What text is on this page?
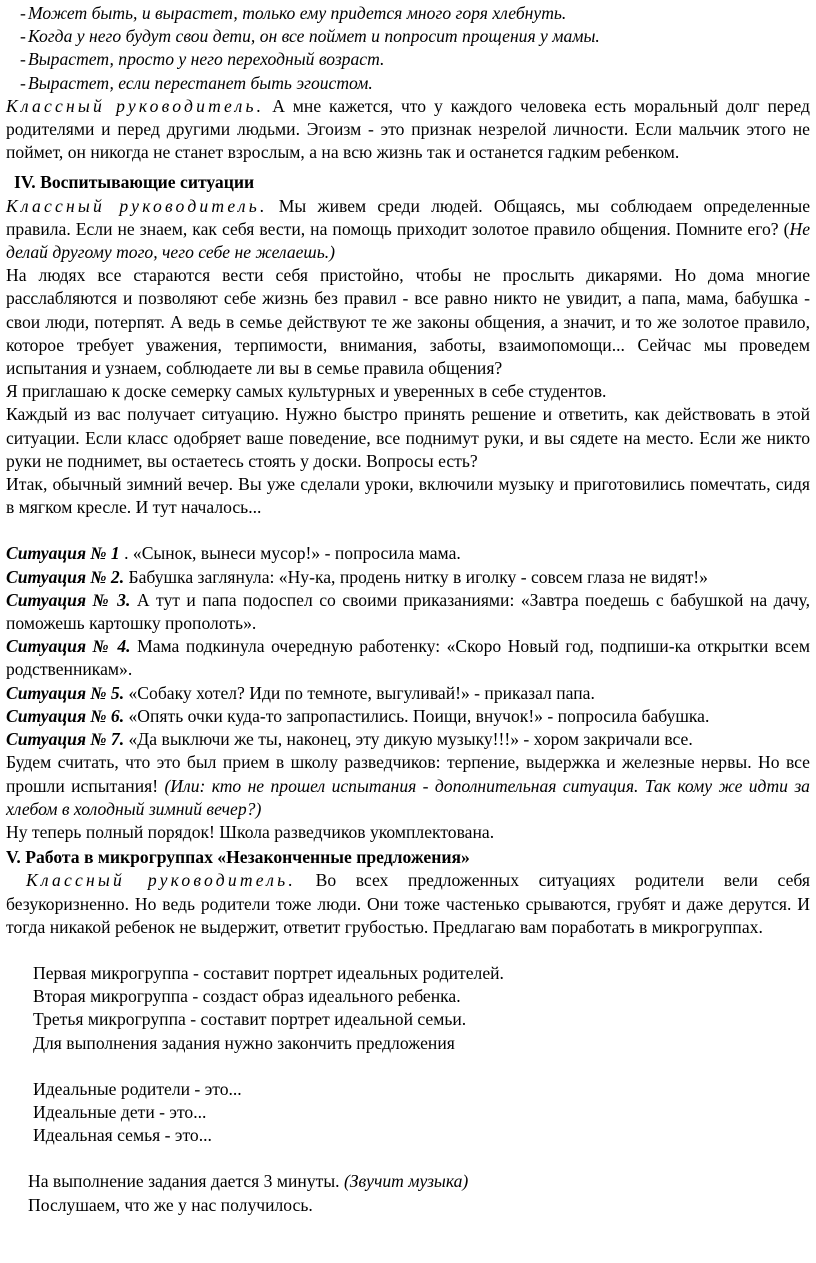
- Может быть, и вырастет, только ему придется много горя хлебнуть.

- Когда у него будут свои дети, он все поймет и попросит прощения у мамы.

- Вырастет, просто у него переходный возраст.

- Вырастет, если перестанет быть эгоистом.

Классный руководитель. А мне кажется, что у каждого человека есть моральный долг перед родителями и перед другими людьми. Эгоизм - это признак незрелой личности. Если мальчик этого не поймет, он никогда не станет взрослым, а на всю жизнь так и останется гадким ребенком.

IV. Воспитывающие ситуации

Классный руководитель. Мы живем среди людей. Общаясь, мы соблюдаем определенные правила. Если не знаем, как себя вести, на помощь приходит золотое правило общения. Помните его? (Не делай другому того, чего себе не желаешь.)

На людях все стараются вести себя пристойно, чтобы не прослыть дикарями. Но дома многие расслабляются и позволяют себе жизнь без правил - все равно никто не увидит, а папа, мама, бабушка - свои люди, потерпят. А ведь в семье действуют те же законы общения, а значит, и то же золотое правило, которое требует уважения, терпимости, внимания, заботы, взаимопомощи... Сейчас мы проведем испытания и узнаем, соблюдаете ли вы в семье правила общения?

Я приглашаю к доске семерку самых культурных и уверенных в себе студентов.

Каждый из вас получает ситуацию. Нужно быстро принять решение и ответить, как действовать в этой ситуации. Если класс одобряет ваше поведение, все поднимут руки, и вы сядете на место. Если же никто руки не поднимет, вы остаетесь стоять у доски. Вопросы есть?

Итак, обычный зимний вечер. Вы уже сделали уроки, включили музыку и приготовились помечтать, сидя в мягком кресле. И тут началось...

Ситуация № 1 . «Сынок, вынеси мусор!» - попросила мама.

Ситуация № 2. Бабушка заглянула: «Ну-ка, продень нитку в иголку - совсем глаза не видят!»

Ситуация № 3. А тут и папа подоспел со своими приказаниями: «Завтра поедешь с бабушкой на дачу, поможешь картошку прополоть».

Ситуация № 4. Мама подкинула очередную работенку: «Скоро Новый год, подпиши-ка открытки всем родственникам».

Ситуация № 5. «Собаку хотел? Иди по темноте, выгуливай!» - приказал папа.

Ситуация № 6. «Опять очки куда-то запропастились. Поищи, внучок!» - попросила бабушка.

Ситуация № 7. «Да выключи же ты, наконец, эту дикую музыку!!!» - хором закричали все.

Будем считать, что это был прием в школу разведчиков: терпение, выдержка и железные нервы. Но все прошли испытания! (Или: кто не прошел испытания - дополнительная ситуация. Так кому же идти за хлебом в холодный зимний вечер?)

Ну теперь полный порядок! Школа разведчиков укомплектована.

V. Работа в микрогруппах «Незаконченные предложения»

Классный руководитель. Во всех предложенных ситуациях родители вели себя безукоризненно. Но ведь родители тоже люди. Они тоже частенько срываются, грубят и даже дерутся. И тогда никакой ребенок не выдержит, ответит грубостью. Предлагаю вам поработать в микрогруппах.

Первая микрогруппа - составит портрет идеальных родителей.

Вторая микрогруппа - создаст образ идеального ребенка.

Третья микрогруппа - составит портрет идеальной семьи.

Для выполнения задания нужно закончить предложения

Идеальные родители - это...

Идеальные дети - это...

Идеальная семья - это...

На выполнение задания дается 3 минуты. (Звучит музыка)

Послушаем, что же у нас получилось.
